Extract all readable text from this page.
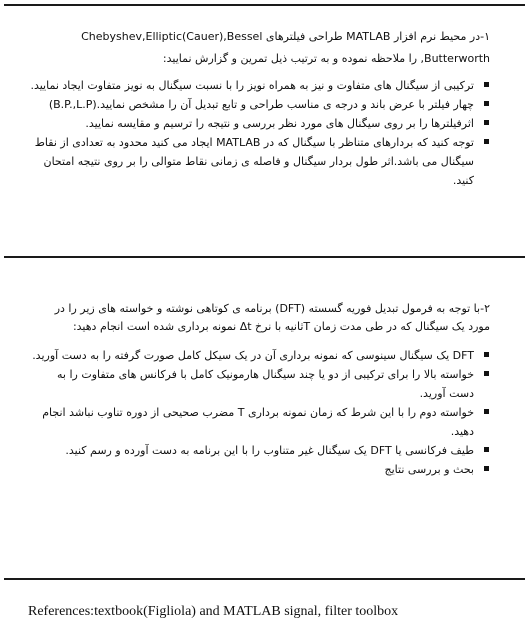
۱-در محیط نرم افزار MATLAB طراحی فیلترهای Chebyshev,Elliptic(Cauer),Bessel

Butterworth, را ملاحظه نموده و به ترتیب ذیل تمرین و گزارش نمایید:

ترکیبی از سیگنال های متفاوت و نیز به همراه نویز را با نسبت سیگنال به نویز متفاوت ایجاد نمایید.
چهار فیلتر با عرض باند و درجه ی مناسب طراحی و تابع تبدیل آن را مشخص نمایید.(B.P.,L.P)
اثرفیلترها را بر روی سیگنال های مورد نظر بررسی و نتیجه را ترسیم و مقایسه نمایید.
توجه کنید که بردارهای متناظر با سیگنال که در MATLAB ایجاد می کنید محدود به تعدادی از نقاط سیگنال می باشد.اثر طول بردار سیگنال و فاصله ی زمانی نقاط متوالی را بر روی نتیجه امتحان کنید.

۲-با توجه به فرمول تبدیل فوریه گسسته (DFT) برنامه ی کوتاهی نوشته و خواسته های زیر را در مورد یک سیگنال که در طی مدت زمان Tثانیه با نرخ Δt نمونه برداری شده است انجام دهید:

DFT یک سیگنال سینوسی که نمونه برداری آن در یک سیکل کامل صورت گرفته را به دست آورید.
خواسته بالا را برای ترکیبی از دو یا چند سیگنال هارمونیک کامل با فرکانس های متفاوت را به دست آورید.
خواسته دوم را با این شرط که زمان نمونه برداری T مضرب صحیحی از دوره تناوب نباشد انجام دهید.
طیف فرکانسی یا DFT یک سیگنال غیر متناوب را با این برنامه به دست آورده و رسم کنید.
بحث و بررسی نتایج
References:textbook(Figliola) and MATLAB signal, filter toolbox
